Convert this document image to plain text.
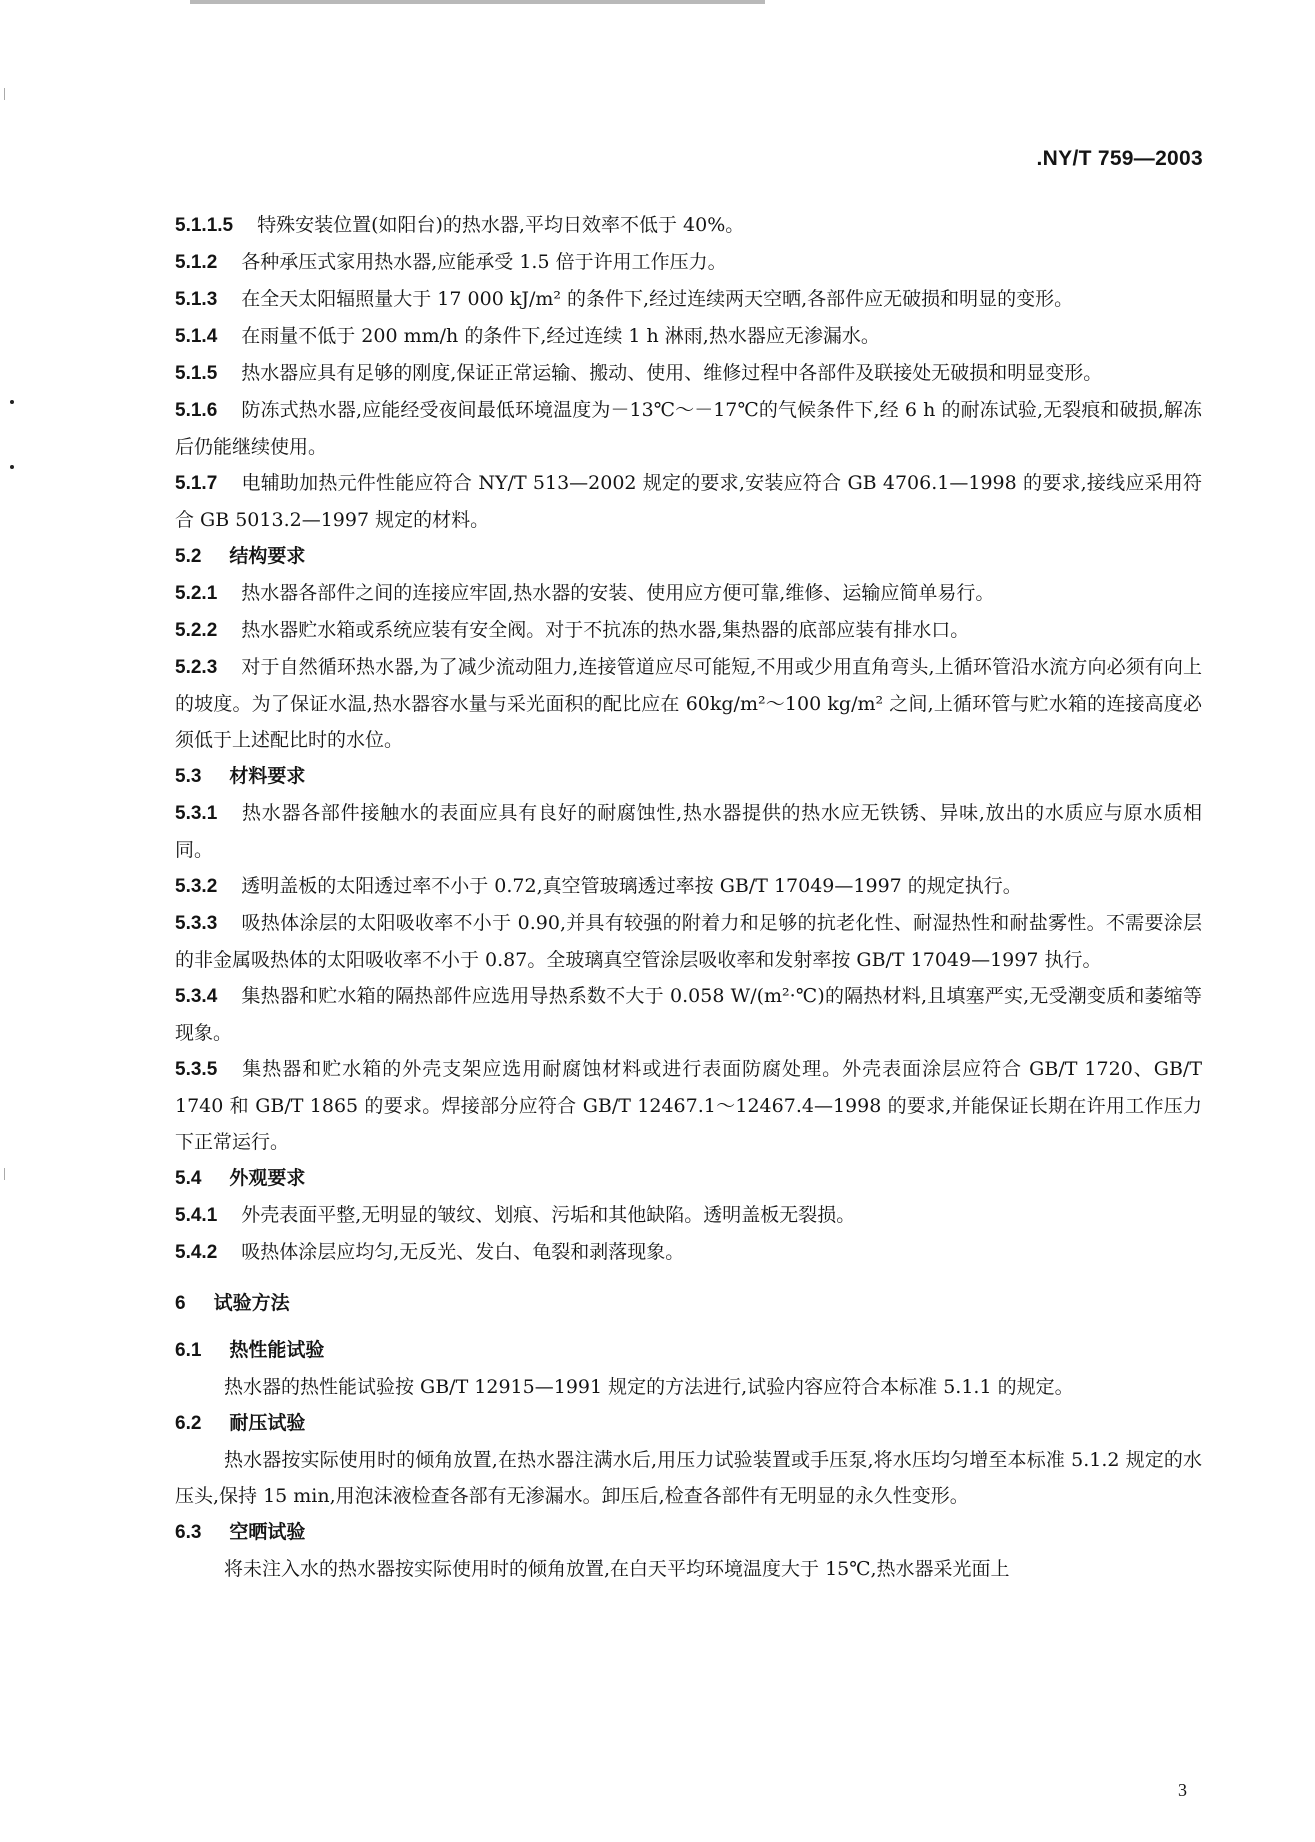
.NY/T 759—2003

5.1.1.5 特殊安装位置(如阳台)的热水器,平均日效率不低于 40%。

5.1.2 各种承压式家用热水器,应能承受 1.5 倍于许用工作压力。

5.1.3 在全天太阳辐照量大于 17 000 kJ/m² 的条件下,经过连续两天空晒,各部件应无破损和明显的变形。

5.1.4 在雨量不低于 200 mm/h 的条件下,经过连续 1 h 淋雨,热水器应无渗漏水。

5.1.5 热水器应具有足够的刚度,保证正常运输、搬动、使用、维修过程中各部件及联接处无破损和明显变形。

5.1.6 防冻式热水器,应能经受夜间最低环境温度为－13℃～－17℃的气候条件下,经 6 h 的耐冻试验,无裂痕和破损,解冻后仍能继续使用。

5.1.7 电辅助加热元件性能应符合 NY/T 513—2002 规定的要求,安装应符合 GB 4706.1—1998 的要求,接线应采用符合 GB 5013.2—1997 规定的材料。

5.2 结构要求

5.2.1 热水器各部件之间的连接应牢固,热水器的安装、使用应方便可靠,维修、运输应简单易行。

5.2.2 热水器贮水箱或系统应装有安全阀。对于不抗冻的热水器,集热器的底部应装有排水口。

5.2.3 对于自然循环热水器,为了减少流动阻力,连接管道应尽可能短,不用或少用直角弯头,上循环管沿水流方向必须有向上的坡度。为了保证水温,热水器容水量与采光面积的配比应在 60kg/m²～100 kg/m² 之间,上循环管与贮水箱的连接高度必须低于上述配比时的水位。

5.3 材料要求

5.3.1 热水器各部件接触水的表面应具有良好的耐腐蚀性,热水器提供的热水应无铁锈、异味,放出的水质应与原水质相同。

5.3.2 透明盖板的太阳透过率不小于 0.72,真空管玻璃透过率按 GB/T 17049—1997 的规定执行。

5.3.3 吸热体涂层的太阳吸收率不小于 0.90,并具有较强的附着力和足够的抗老化性、耐湿热性和耐盐雾性。不需要涂层的非金属吸热体的太阳吸收率不小于 0.87。全玻璃真空管涂层吸收率和发射率按 GB/T 17049—1997 执行。

5.3.4 集热器和贮水箱的隔热部件应选用导热系数不大于 0.058 W/(m²·℃)的隔热材料,且填塞严实,无受潮变质和萎缩等现象。

5.3.5 集热器和贮水箱的外壳支架应选用耐腐蚀材料或进行表面防腐处理。外壳表面涂层应符合 GB/T 1720、GB/T 1740 和 GB/T 1865 的要求。焊接部分应符合 GB/T 12467.1～12467.4—1998 的要求,并能保证长期在许用工作压力下正常运行。

5.4 外观要求

5.4.1 外壳表面平整,无明显的皱纹、划痕、污垢和其他缺陷。透明盖板无裂损。

5.4.2 吸热体涂层应均匀,无反光、发白、龟裂和剥落现象。

6 试验方法

6.1 热性能试验

热水器的热性能试验按 GB/T 12915—1991 规定的方法进行,试验内容应符合本标准 5.1.1 的规定。

6.2 耐压试验

热水器按实际使用时的倾角放置,在热水器注满水后,用压力试验装置或手压泵,将水压均匀增至本标准 5.1.2 规定的水压头,保持 15 min,用泡沫液检查各部有无渗漏水。卸压后,检查各部件有无明显的永久性变形。

6.3 空晒试验

将未注入水的热水器按实际使用时的倾角放置,在白天平均环境温度大于 15℃,热水器采光面上

3
